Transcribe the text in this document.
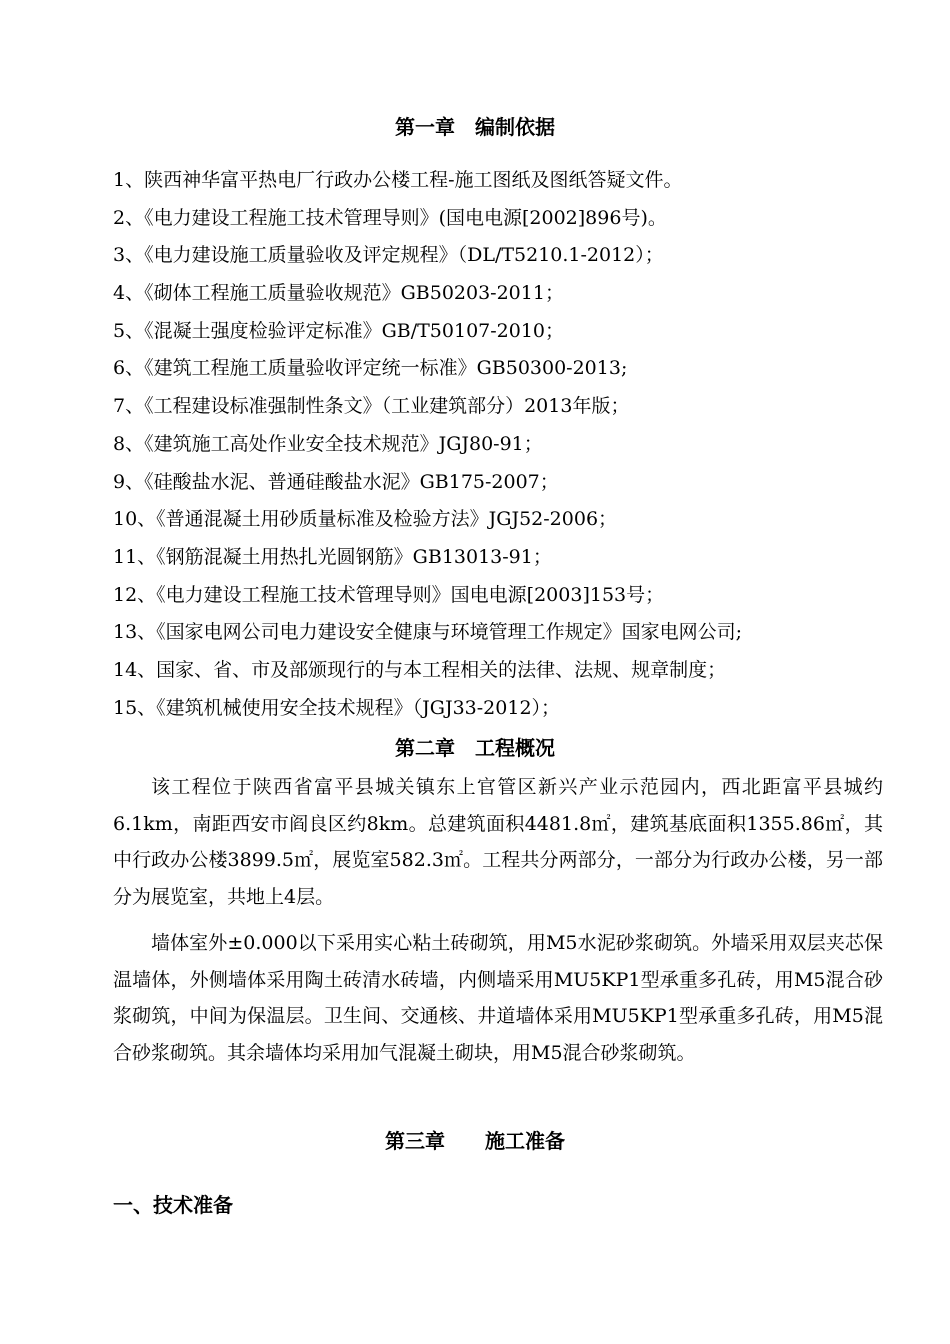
第一章　编制依据
1、陕西神华富平热电厂行政办公楼工程-施工图纸及图纸答疑文件。
2、《电力建设工程施工技术管理导则》(国电电源[2002]896号)。
3、《电力建设施工质量验收及评定规程》（DL/T5210.1-2012）；
4、《砌体工程施工质量验收规范》GB50203-2011；
5、《混凝土强度检验评定标准》GB/T50107-2010；
6、《建筑工程施工质量验收评定统一标准》GB50300-2013;
7、《工程建设标准强制性条文》（工业建筑部分）2013年版；
8、《建筑施工高处作业安全技术规范》JGJ80-91；
9、《硅酸盐水泥、普通硅酸盐水泥》GB175-2007；
10、《普通混凝土用砂质量标准及检验方法》JGJ52-2006；
11、《钢筋混凝土用热扎光圆钢筋》GB13013-91；
12、《电力建设工程施工技术管理导则》国电电源[2003]153号；
13、《国家电网公司电力建设安全健康与环境管理工作规定》国家电网公司;
14、国家、省、市及部颁现行的与本工程相关的法律、法规、规章制度；
15、《建筑机械使用安全技术规程》（JGJ33-2012）；
第二章　工程概况

该工程位于陕西省富平县城关镇东上官管区新兴产业示范园内，西北距富平县城约6.1km，南距西安市阎良区约8km。总建筑面积4481.8㎡，建筑基底面积1355.86㎡，其中行政办公楼3899.5㎡，展览室582.3㎡。工程共分两部分，一部分为行政办公楼，另一部分为展览室，共地上4层。

墙体室外±0.000以下采用实心粘土砖砌筑，用M5水泥砂浆砌筑。外墙采用双层夹芯保温墙体，外侧墙体采用陶土砖清水砖墙，内侧墙采用MU5KP1型承重多孔砖，用M5混合砂浆砌筑，中间为保温层。卫生间、交通核、井道墙体采用MU5KP1型承重多孔砖，用M5混合砂浆砌筑。其余墙体均采用加气混凝土砌块，用M5混合砂浆砌筑。

第三章　　施工准备
一、技术准备
